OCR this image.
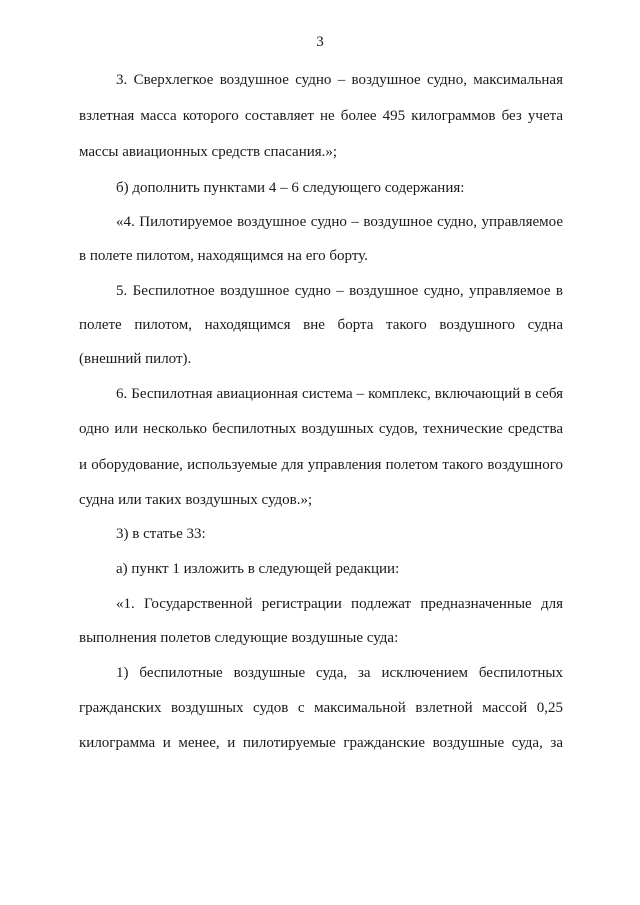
3
3. Сверхлегкое воздушное судно – воздушное судно, максимальная
взлетная масса которого составляет не более 495 килограммов без учета
массы авиационных средств спасания.»;
б) дополнить пунктами 4 – 6 следующего содержания:
«4. Пилотируемое воздушное судно – воздушное судно, управляемое
в полете пилотом, находящимся на его борту.
5. Беспилотное воздушное судно – воздушное судно, управляемое в
полете пилотом, находящимся вне борта такого воздушного судна
(внешний пилот).
6. Беспилотная авиационная система – комплекс, включающий в себя
одно или несколько беспилотных воздушных судов, технические средства
и оборудование, используемые для управления полетом такого воздушного
судна или таких воздушных судов.»;
3) в статье 33:
а) пункт 1 изложить в следующей редакции:
«1. Государственной регистрации подлежат предназначенные для
выполнения полетов следующие воздушные суда:
1) беспилотные воздушные суда, за исключением беспилотных
гражданских воздушных судов с максимальной взлетной массой 0,25
килограмма и менее, и пилотируемые гражданские воздушные суда, за
